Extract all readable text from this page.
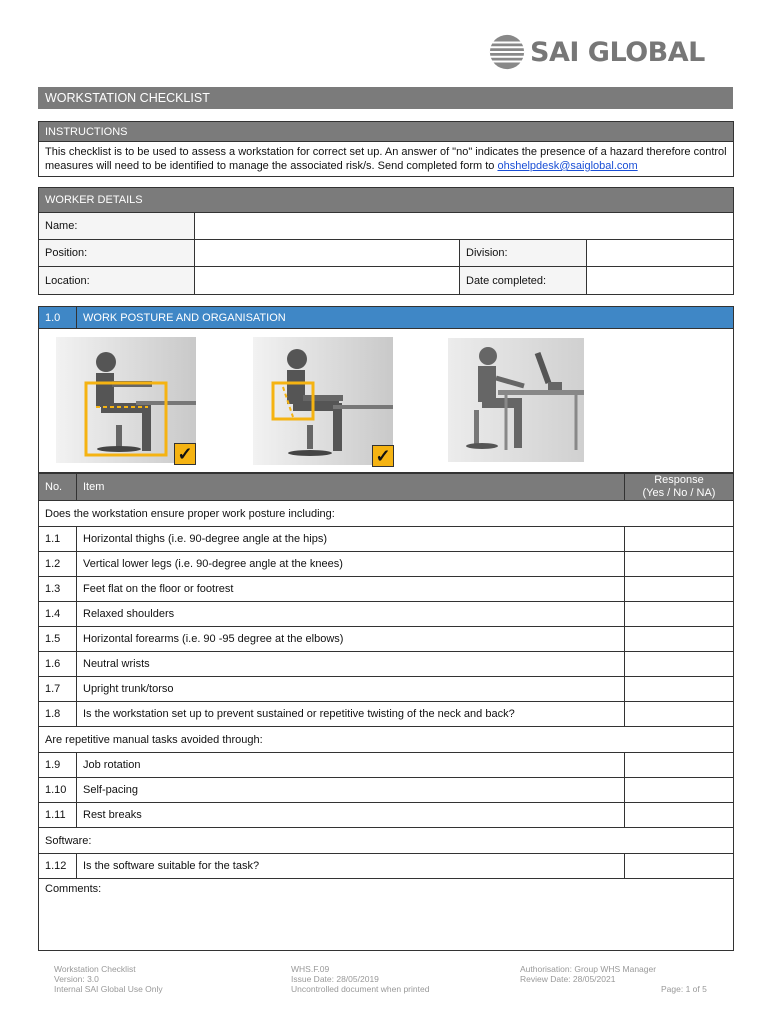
SAI GLOBAL
WORKSTATION CHECKLIST
INSTRUCTIONS
This checklist is to be used to assess a workstation for correct set up. An answer of "no" indicates the presence of a hazard therefore control measures will need to be identified to manage the associated risk/s. Send completed form to ohshelpdesk@saiglobal.com
WORKER DETAILS
Name:			
Position:		Division:	
Location:		Date completed:	
1.0	WORK POSTURE AND ORGANISATION
✓	✓
No.	Item	Response
(Yes / No / NA)

Does the workstation ensure proper work posture including:		
1.1	Horizontal thighs (i.e. 90-degree angle at the hips)	
1.2	Vertical lower legs (i.e. 90-degree angle at the knees)	
1.3	Feet flat on the floor or footrest	
1.4	Relaxed shoulders	
1.5	Horizontal forearms (i.e. 90 -95 degree at the elbows)	
1.6	Neutral wrists	
1.7	Upright trunk/torso	
1.8	Is the workstation set up to prevent sustained or repetitive twisting of the neck and back?	
Are repetitive manual tasks avoided through:		
1.9	Job rotation	
1.10	Self-pacing	
1.11	Rest breaks	
Software:		
1.12	Is the software suitable for the task?	
Comments:		
Workstation Checklist
Version: 3.0
Internal SAI Global Use Only
WHS.F.09
Issue Date: 28/05/2019
Uncontrolled document when printed
Authorisation: Group WHS Manager
Review Date: 28/05/2021
Page: 1 of 5
